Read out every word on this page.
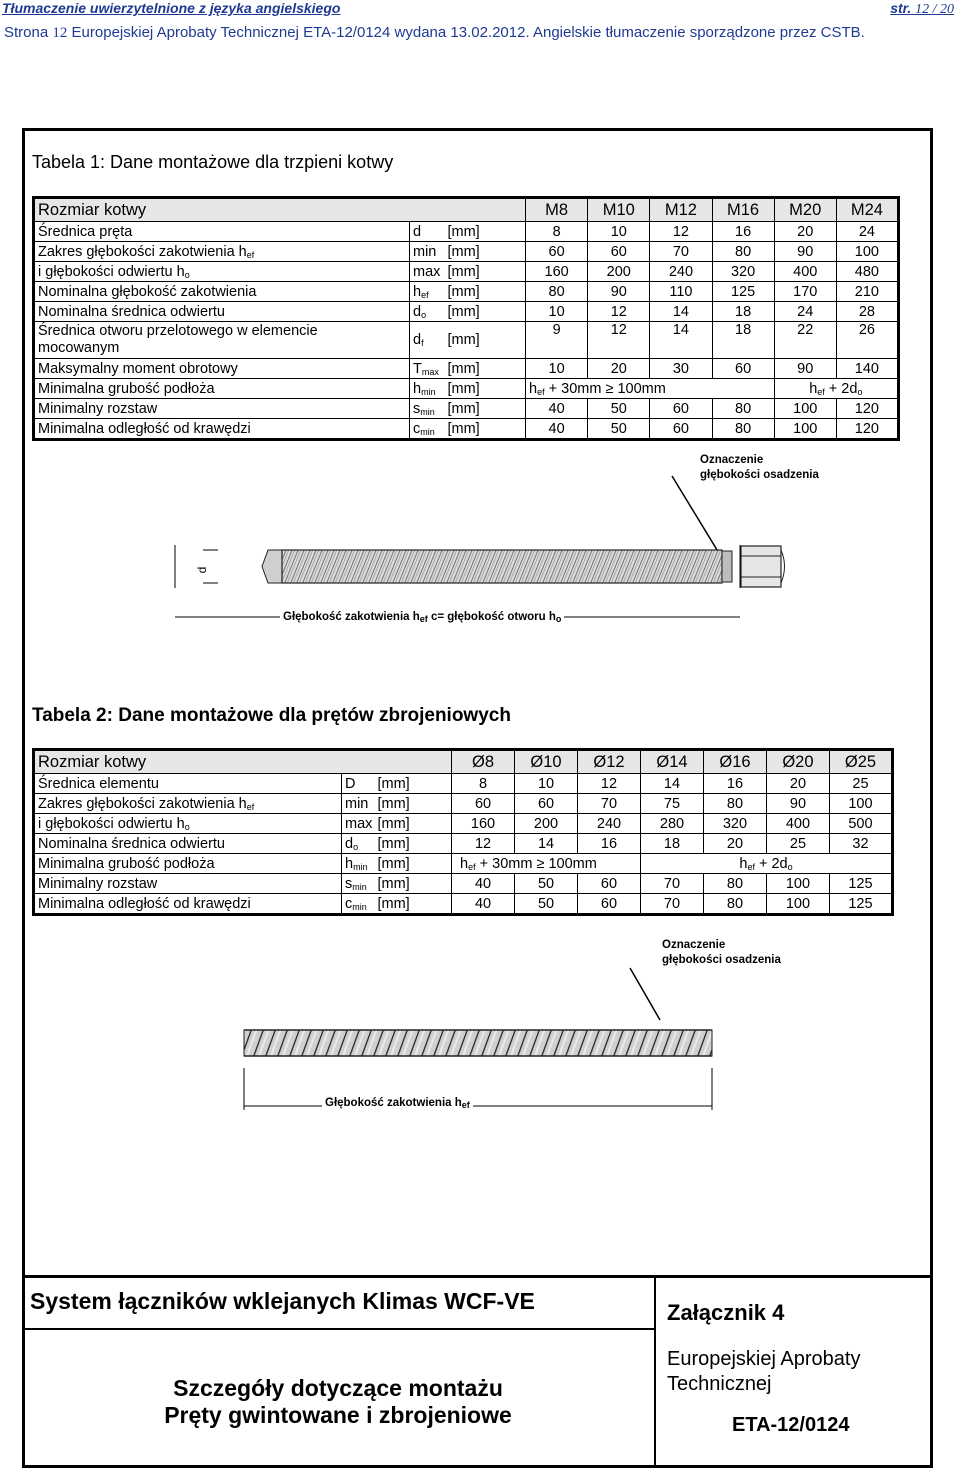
Tłumaczenie uwierzytelnione z języka angielskiego	str. 12 / 20
Strona 12 Europejskiej Aprobaty Technicznej ETA-12/0124 wydana 13.02.2012. Angielskie tłumaczenie sporządzone przez CSTB.
Tabela 1: Dane montażowe dla trzpieni kotwy
Rozmiar kotwy			M8	M10	M12	M16	M20	M24
Średnica pręta	d	[mm]	8	10	12	16	20	24
Zakres głębokości zakotwienia $h_{ef}$	min	[mm]	60	60	70	80	90	100
i głębokości odwiertu $h_o$	max	[mm]	160	200	240	320	400	480
Nominalna głębokość zakotwienia	$h_{ef}$	[mm]	80	90	110	125	170	210
Nominalna średnica odwiertu	$d_o$	[mm]	10	12	14	18	24	28
Średnica otworu przelotowego w elemencie
mocowanym	$d_f$	[mm]	9	12	14	18	22	26
Maksymalny moment obrotowy	$T_{max}$	[mm]	10	20	30	60	90	140
Minimalna grubość podłoża	$h_{min}$	[mm]	$h_{ef} + 30mm \ge 100mm$				$h_{ef} + 2d_o$
Minimalny rozstaw	$s_{min}$	[mm]	40	50	60	80	100	120
Minimalna odległość od krawędzi	$c_{min}$	[mm]	40	50	60	80	100	120
Oznaczenie
głębokości osadzenia
d
Głębokość zakotwienia $h_{ef}$ c= głębokość otworu $h_o$
Tabela 2: Dane montażowe dla prętów zbrojeniowych
Rozmiar kotwy			Ø8	Ø10	Ø12	Ø14	Ø16	Ø20	Ø25
Średnica elementu	D	[mm]	8	10	12	14	16	20	25
Zakres głębokości zakotwienia $h_{ef}$	min	[mm]	60	60	70	75	80	90	100
i głębokości odwiertu $h_o$	max	[mm]	160	200	240	280	320	400	500
Nominalna średnica odwiertu	$d_o$	[mm]	12	14	16	18	20	25	32
Minimalna grubość podłoża	$h_{min}$	[mm]	$h_{ef} + 30mm \ge 100mm$			$h_{ef} + 2d_o$
Minimalny rozstaw	$s_{min}$	[mm]	40	50	60	70	80	100	125
Minimalna odległość od krawędzi	$c_{min}$	[mm]	40	50	60	70	80	100	125
Oznaczenie
głębokości osadzenia
Głębokość zakotwienia $h_{ef}$
System łączników wklejanych Klimas WCF-VE	Załącznik 4
Szczegóły dotyczące montażu
Pręty gwintowane i zbrojeniowe
Europejskiej Aprobaty
Technicznej
ETA-12/0124
